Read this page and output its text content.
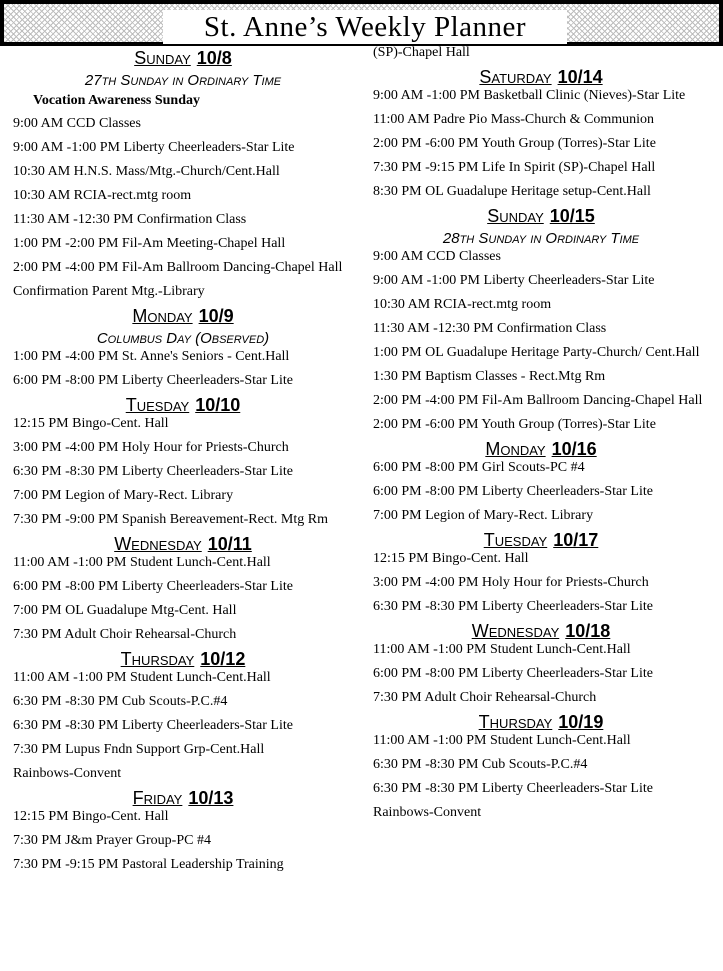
St. Anne’s Weekly Planner
Sunday 10/8
27th Sunday in Ordinary Time
Vocation Awareness Sunday
9:00 AM CCD Classes
9:00 AM -1:00 PM Liberty Cheerleaders-Star Lite
10:30 AM H.N.S. Mass/Mtg.-Church/Cent.Hall
10:30 AM RCIA-rect.mtg room
11:30 AM -12:30 PM Confirmation Class
1:00 PM -2:00 PM Fil-Am Meeting-Chapel Hall
2:00 PM -4:00 PM Fil-Am Ballroom Dancing-Chapel Hall
Confirmation Parent Mtg.-Library
Monday 10/9
Columbus Day (Observed)
1:00 PM -4:00 PM St. Anne's Seniors - Cent.Hall
6:00 PM -8:00 PM Liberty Cheerleaders-Star Lite
Tuesday 10/10
12:15 PM Bingo-Cent. Hall
3:00 PM -4:00 PM Holy Hour for Priests-Church
6:30 PM -8:30 PM Liberty Cheerleaders-Star Lite
7:00 PM Legion of Mary-Rect. Library
7:30 PM -9:00 PM Spanish Bereavement-Rect. Mtg Rm
Wednesday 10/11
11:00 AM -1:00 PM Student Lunch-Cent.Hall
6:00 PM -8:00 PM Liberty Cheerleaders-Star Lite
7:00 PM OL Guadalupe Mtg-Cent. Hall
7:30 PM Adult Choir Rehearsal-Church
Thursday 10/12
11:00 AM -1:00 PM Student Lunch-Cent.Hall
6:30 PM -8:30 PM Cub Scouts-P.C.#4
6:30 PM -8:30 PM Liberty Cheerleaders-Star Lite
7:30 PM Lupus Fndn Support Grp-Cent.Hall
Rainbows-Convent
Friday 10/13
12:15 PM Bingo-Cent. Hall
7:30 PM J&m Prayer Group-PC #4
7:30 PM -9:15 PM Pastoral Leadership Training
(SP)-Chapel Hall
Saturday 10/14
9:00 AM -1:00 PM Basketball Clinic (Nieves)-Star Lite
11:00 AM Padre Pio Mass-Church & Communion
2:00 PM -6:00 PM Youth Group (Torres)-Star Lite
7:30 PM -9:15 PM Life In Spirit (SP)-Chapel Hall
8:30 PM OL Guadalupe Heritage setup-Cent.Hall
Sunday 10/15
28th Sunday in Ordinary Time
9:00 AM CCD Classes
9:00 AM -1:00 PM Liberty Cheerleaders-Star Lite
10:30 AM RCIA-rect.mtg room
11:30 AM -12:30 PM Confirmation Class
1:00 PM OL Guadalupe Heritage Party-Church/ Cent.Hall
1:30 PM Baptism Classes - Rect.Mtg Rm
2:00 PM -4:00 PM Fil-Am Ballroom Dancing-Chapel Hall
2:00 PM -6:00 PM Youth Group (Torres)-Star Lite
Monday 10/16
6:00 PM -8:00 PM Girl Scouts-PC #4
6:00 PM -8:00 PM Liberty Cheerleaders-Star Lite
7:00 PM Legion of Mary-Rect. Library
Tuesday 10/17
12:15 PM Bingo-Cent. Hall
3:00 PM -4:00 PM Holy Hour for Priests-Church
6:30 PM -8:30 PM Liberty Cheerleaders-Star Lite
Wednesday 10/18
11:00 AM -1:00 PM Student Lunch-Cent.Hall
6:00 PM -8:00 PM Liberty Cheerleaders-Star Lite
7:30 PM Adult Choir Rehearsal-Church
Thursday 10/19
11:00 AM -1:00 PM Student Lunch-Cent.Hall
6:30 PM -8:30 PM Cub Scouts-P.C.#4
6:30 PM -8:30 PM Liberty Cheerleaders-Star Lite
Rainbows-Convent
